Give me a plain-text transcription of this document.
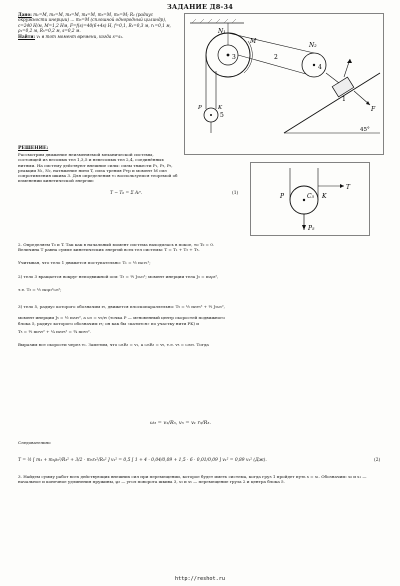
ЗАДАНИЕ Д8-34
Дано: m₁=M, m₂=M, m₃=M, m₄=M, m₅=M, m₆=M; R₁ (радиус окружности инерции) ... m₆=M (сплошной однородный цилиндр), c=240 Н/м, M=1,2 Нм, F=f(s)=40(6+4s) Н, f=0,1, R₁=0,3 м, r₁=0,1 м, ρ₁=0,2 м, R₅=0,2 м, s=0,2 м.
Найти: v₁ в тот момент времени, когда s=s₁.
N₁
N₂
3
4
1
5
2
F
M
45°
P	K
P	K
C₅
T
P₅
РЕШЕНИЕ:
Рассмотрим движение неизменяемой механической системы, состоящей из весомых тел 1,3,5 и невесомых тел 2,4, соединённых нитями. На систему действуют внешние силы: силы тяжести P₁, P₃, P₅, реакции N₁, N₂, натяжение нити T, сила трения Fтр и момент M сил сопротивления шкива 3. Для определения v₁ воспользуемся теоремой об изменении кинетической энергии:
T − T₀ = Σ Aᵢᵉ.	(1)
2. Определяем T₀ и T. Так как в начальный момент система находилась в покое, то T₀ = 0.
Величина T равна сумме кинетических энергий всех тел системы: T = T₁ + T₃ + T₅.
Учитывая, что тело 1 движется поступательно: T₁ = ½ m₁v₁²;
2) тело 3 вращается вокруг неподвижной оси: T₃ = ½ J₃ω₃²; момент инерции тела J₃ = m₃ρ₃²,
т.е. T₃ = ½ m₃ρ₃²ω₃²;
3) тело 5, радиус которого обозначим r₅, движется плоскопараллельно: T₅ = ½ m₅v₅² + ½ J₅ω₅²,
момент инерции J₅ = ½ m₅r₅², а ω₅ = v₅/r₅ (точка P — мгновенный центр скоростей подвижного
блока 5, радиус которого обозначим r₅; он как бы «катится» по участку нити PK) и
T₅ = ½ m₅v₅² + ¼ m₅v₅² = ¾ m₅v₅².
Выразим все скорости через v₁. Заметим, что ω₃R₃ = v₁, a ω₃R₃ = v₅, т.е. v₅ = ω₃r₃. Тогда
ω₃ = v₁/R₃, v₅ = v₁ r₃/R₃.
Следовательно
T = ½ [ m₁ + m₃ρ₃²/R₃² + 3/2 · m₅r₃²/R₃² ] v₁² = 0,5 [ 1 + 4 · 0,04/0,09 + 1,5 · 6 · 0,01/0,09 ] v₁² = 0,89 v₁² (Дж).	(2)
3. Найдем сумму работ всех действующих внешних сил при перемещении, которое будет иметь система, когда груз 1 пройдет путь s = s₁. Обозначим: s₀ и s₁ — начальное и конечное удлинения пружины, φ₃ — угол поворота шкива 3, s₃ и s₅ — перемещение груза 2 и центра блока 5.
http://reshot.ru
